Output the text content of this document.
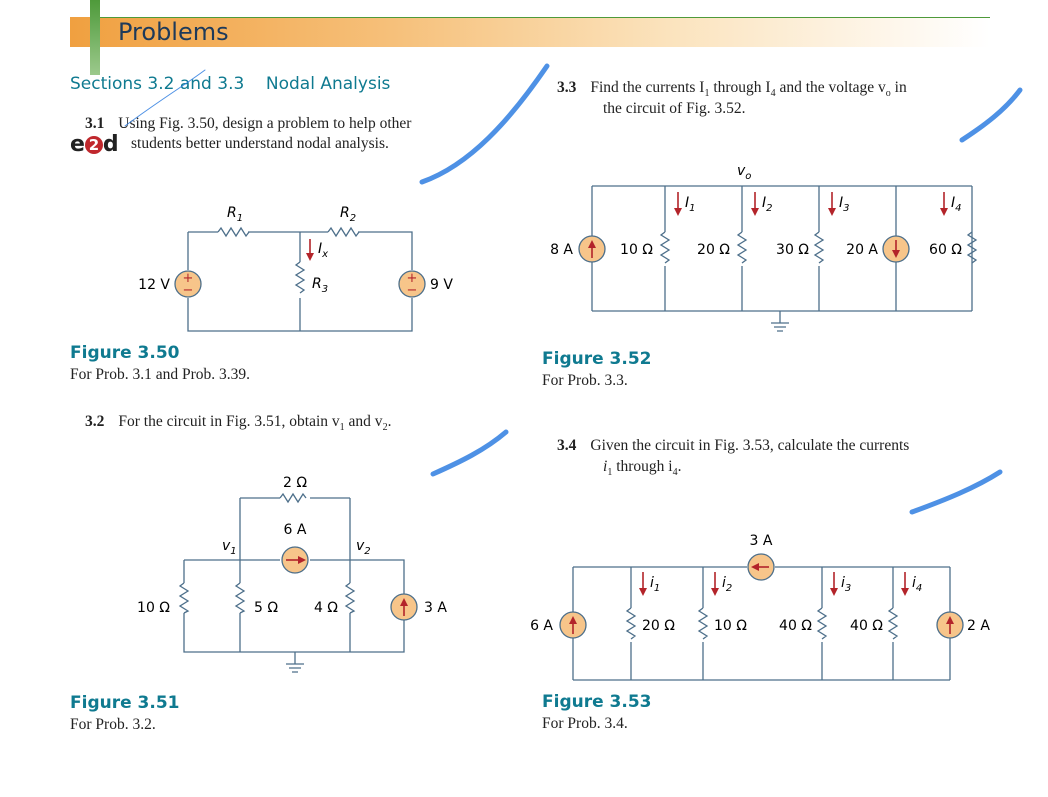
Problems
Sections 3.2 and 3.3    Nodal Analysis
3.1 Using Fig. 3.50, design a problem to help other
students better understand nodal analysis.
e 2 d
+
−
+
−
$R_1$	$R_2$
$R_3$
$I_x$
12 V	9 V
Figure 3.50
For Prob. 3.1 and Prob. 3.39.
3.2 For the circuit in Fig. 3.51, obtain $v_1$ and $v_2$.
2 Ω
6 A
$v_1$	$v_2$
10 Ω	5 Ω	4 Ω	3 A
Figure 3.51
For Prob. 3.2.
3.3 Find the currents $I_1$ through $I_4$ and the voltage $v_o$ in
the circuit of Fig. 3.52.
$v_o$
$I_1$	$I_2$	$I_3$	$I_4$
8 A	10 Ω	20 Ω	30 Ω	20 A	60 Ω
Figure 3.52
For Prob. 3.3.
3.4 Given the circuit in Fig. 3.53, calculate the currents
$i_1$ through $i_4$.
3 A
$i_1$	$i_2$	$i_3$	$i_4$
6 A	20 Ω	10 Ω 40 Ω	40 Ω	2 A
Figure 3.53
For Prob. 3.4.
